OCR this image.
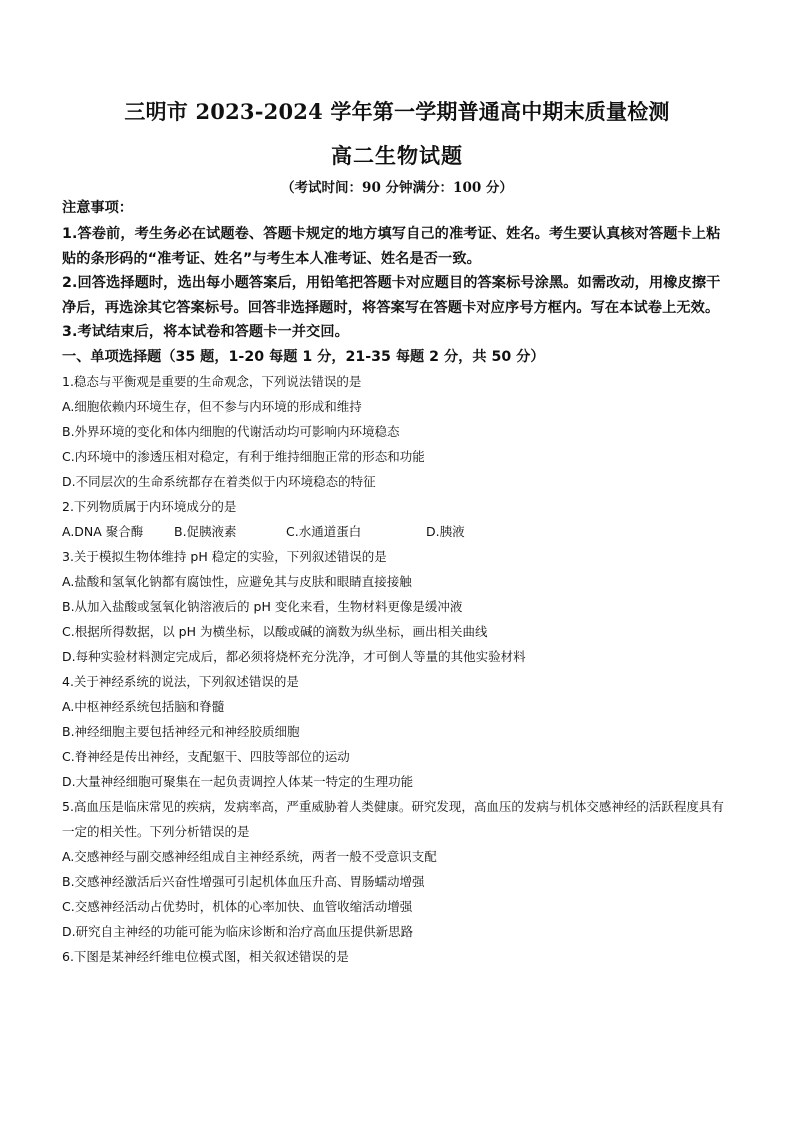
三明市 2023-2024 学年第一学期普通高中期末质量检测
高二生物试题
（考试时间：90 分钟满分：100 分）
注意事项：
1.答卷前，考生务必在试题卷、答题卡规定的地方填写自己的准考证、姓名。考生要认真核对答题卡上粘贴的条形码的“准考证、姓名”与考生本人准考证、姓名是否一致。
2.回答选择题时，选出每小题答案后，用铅笔把答题卡对应题目的答案标号涂黑。如需改动，用橡皮擦干净后，再选涂其它答案标号。回答非选择题时，将答案写在答题卡对应序号方框内。写在本试卷上无效。
3.考试结束后，将本试卷和答题卡一并交回。
一、单项选择题（35 题，1-20 每题 1 分，21-35 每题 2 分，共 50 分）
1.稳态与平衡观是重要的生命观念，下列说法错误的是
A.细胞依赖内环境生存，但不参与内环境的形成和维持
B.外界环境的变化和体内细胞的代谢活动均可影响内环境稳态
C.内环境中的渗透压相对稳定，有利于维持细胞正常的形态和功能
D.不同层次的生命系统都存在着类似于内环境稳态的特征
2.下列物质属于内环境成分的是
A.DNA 聚合酶	B.促胰液素	C.水通道蛋白	D.胰液
3.关于模拟生物体维持 pH 稳定的实验，下列叙述错误的是
A.盐酸和氢氧化钠都有腐蚀性，应避免其与皮肤和眼睛直接接触
B.从加入盐酸或氢氧化钠溶液后的 pH 变化来看，生物材料更像是缓冲液
C.根据所得数据，以 pH 为横坐标，以酸或碱的滴数为纵坐标，画出相关曲线
D.每种实验材料测定完成后，都必须将烧杯充分洗净，才可倒人等量的其他实验材料
4.关于神经系统的说法，下列叙述错误的是
A.中枢神经系统包括脑和脊髓
B.神经细胞主要包括神经元和神经胶质细胞
C.脊神经是传出神经，支配躯干、四肢等部位的运动
D.大量神经细胞可聚集在一起负责调控人体某一特定的生理功能
5.高血压是临床常见的疾病，发病率高，严重威胁着人类健康。研究发现，高血压的发病与机体交感神经的活跃程度具有一定的相关性。下列分析错误的是
A.交感神经与副交感神经组成自主神经系统，两者一般不受意识支配
B.交感神经激活后兴奋性增强可引起机体血压升高、胃肠蠕动增强
C.交感神经活动占优势时，机体的心率加快、血管收缩活动增强
D.研究自主神经的功能可能为临床诊断和治疗高血压提供新思路
6.下图是某神经纤维电位模式图，相关叙述错误的是
